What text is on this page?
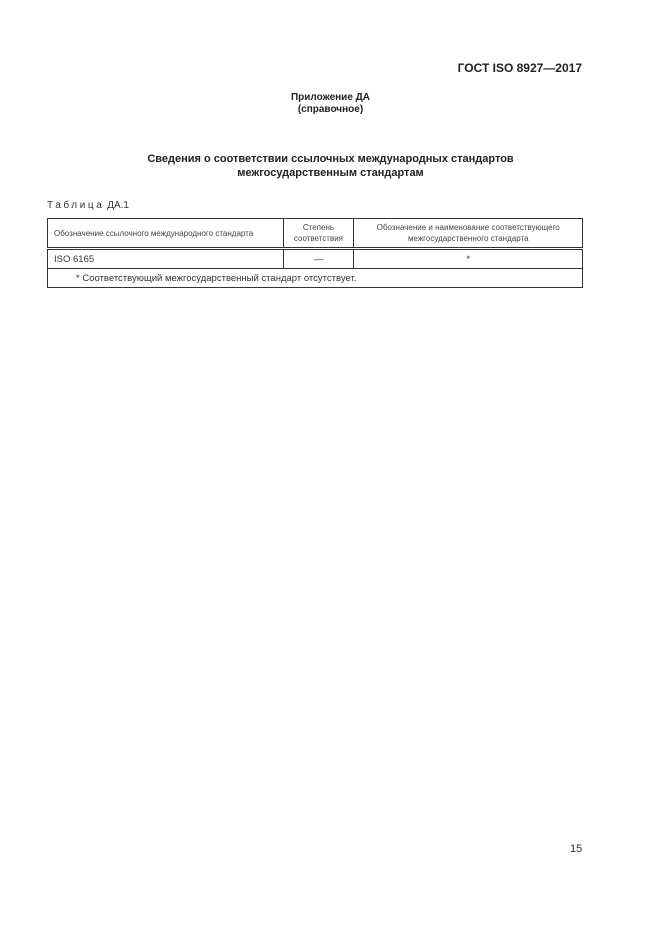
ГОСТ ISO 8927—2017
Приложение ДА
(справочное)
Сведения о соответствии ссылочных международных стандартов
межгосударственным стандартам
Таблица ДА.1
Обозначение ссылочного международного стандарта	Степень соответствия	Обозначение и наименование соответствующего межгосударственного стандарта
ISO 6165	—	*
* Соответствующий межгосударственный стандарт отсутствует.		
15
